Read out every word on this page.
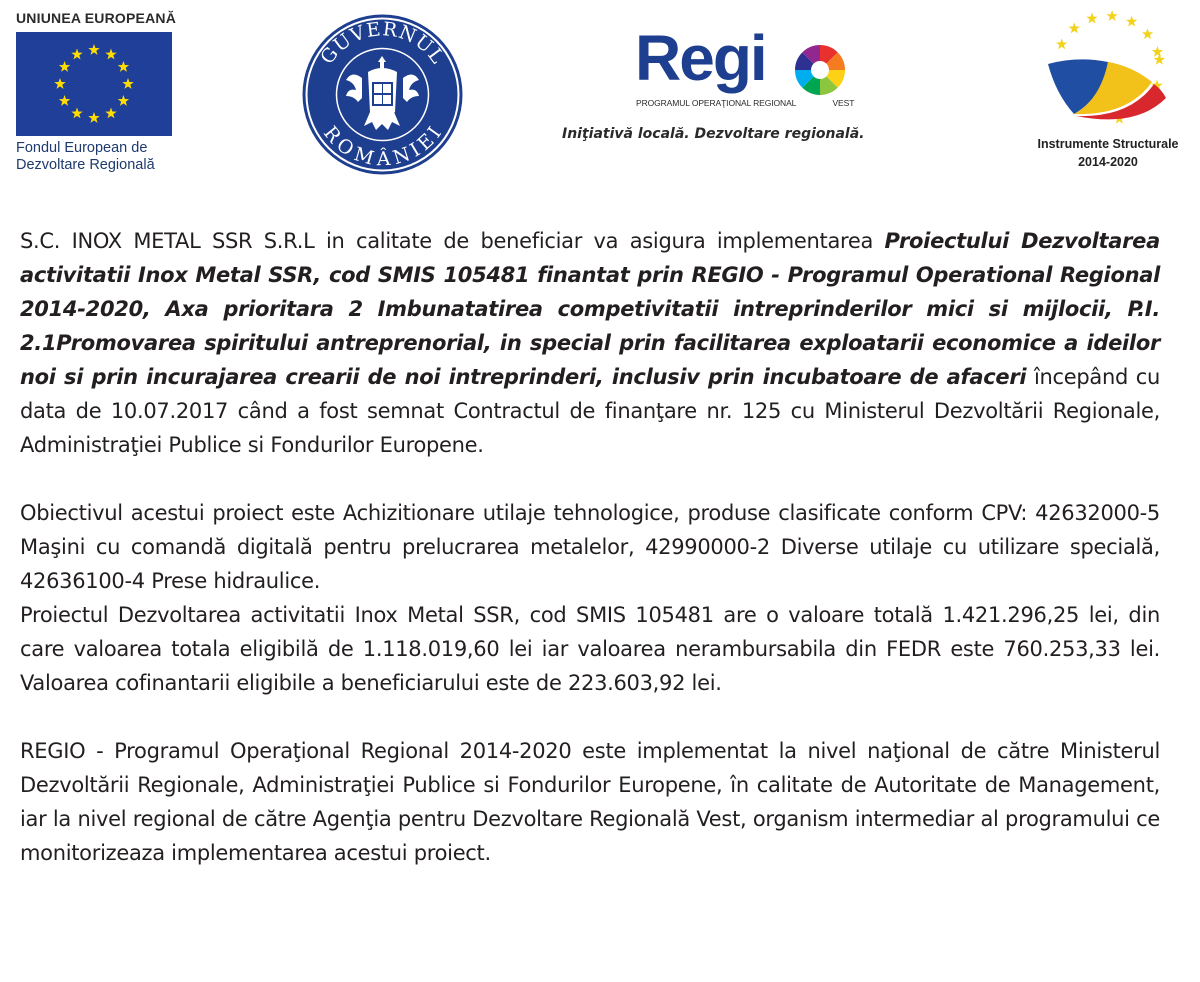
UNIUNEA EUROPEANĂ
Fondul European de
Dezvoltare Regională
GUVERNUL
ROMÂNIEI
Regi
PROGRAMUL OPERAŢIONAL REGIONAL	VEST
Iniţiativă locală. Dezvoltare regională.
Instrumente Structurale
2014-2020

S.C. INOX METAL SSR S.R.L in calitate de beneficiar va asigura implementarea Proiectului Dezvoltarea activitatii Inox Metal SSR, cod SMIS 105481 finantat prin REGIO - Programul Operational Regional 2014-2020, Axa prioritara 2 Imbunatatirea competivitatii intreprinderilor mici si mijlocii, P.I. 2.1Promovarea spiritului antreprenorial, in special prin facilitarea exploatarii economice a ideilor noi si prin incurajarea crearii de noi intreprinderi, inclusiv prin incubatoare de afaceri începând cu data de 10.07.2017 când a fost semnat Contractul de finanţare nr. 125 cu Ministerul Dezvoltării Regionale, Administraţiei Publice si Fondurilor Europene.

Obiectivul acestui proiect este Achizitionare utilaje tehnologice, produse clasificate conform CPV: 42632000-5 Maşini cu comandă digitală pentru prelucrarea metalelor, 42990000-2 Diverse utilaje cu utilizare specială, 42636100-4 Prese hidraulice.

Proiectul Dezvoltarea activitatii Inox Metal SSR, cod SMIS 105481 are o valoare totală 1.421.296,25 lei, din care valoarea totala eligibilă de 1.118.019,60 lei iar valoarea nerambursabila din FEDR este 760.253,33 lei. Valoarea cofinantarii eligibile a beneficiarului este de 223.603,92 lei.

REGIO - Programul Operaţional Regional 2014-2020 este implementat la nivel naţional de către Ministerul Dezvoltării Regionale, Administraţiei Publice si Fondurilor Europene, în calitate de Autoritate de Management, iar la nivel regional de către Agenţia pentru Dezvoltare Regională Vest, organism intermediar al programului ce monitorizeaza implementarea acestui proiect.
